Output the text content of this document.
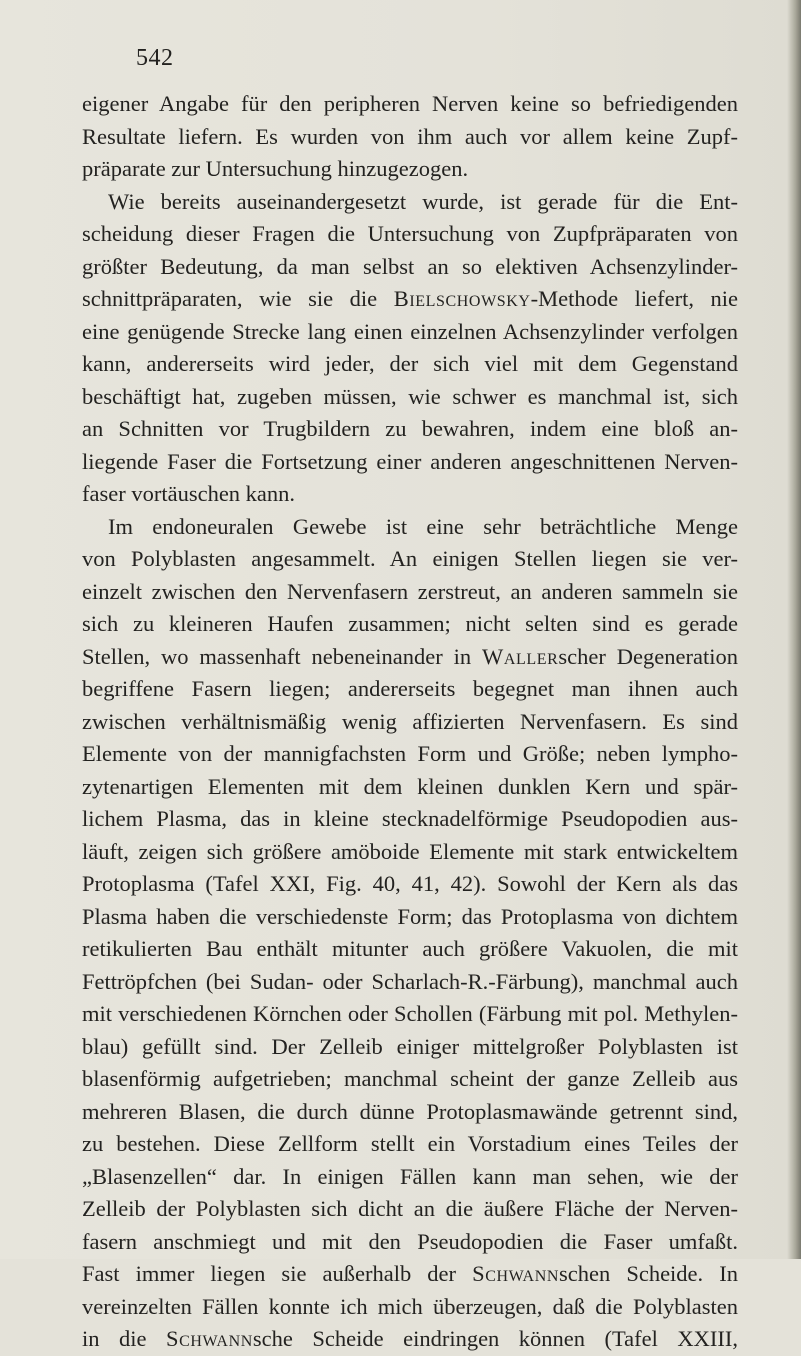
542
eigener Angabe für den peripheren Nerven keine so befriedigenden
Resultate liefern. Es wurden von ihm auch vor allem keine Zupf-
präparate zur Untersuchung hinzugezogen.
Wie bereits auseinandergesetzt wurde, ist gerade für die Ent-
scheidung dieser Fragen die Untersuchung von Zupfpräparaten von
größter Bedeutung, da man selbst an so elektiven Achsenzylinder-
schnittpräparaten, wie sie die Bielschowsky-Methode liefert, nie
eine genügende Strecke lang einen einzelnen Achsenzylinder verfolgen
kann, andererseits wird jeder, der sich viel mit dem Gegenstand
beschäftigt hat, zugeben müssen, wie schwer es manchmal ist, sich
an Schnitten vor Trugbildern zu bewahren, indem eine bloß an-
liegende Faser die Fortsetzung einer anderen angeschnittenen Nerven-
faser vortäuschen kann.
Im endoneuralen Gewebe ist eine sehr beträchtliche Menge
von Polyblasten angesammelt. An einigen Stellen liegen sie ver-
einzelt zwischen den Nervenfasern zerstreut, an anderen sammeln sie
sich zu kleineren Haufen zusammen; nicht selten sind es gerade
Stellen, wo massenhaft nebeneinander in Wallerscher Degeneration
begriffene Fasern liegen; andererseits begegnet man ihnen auch
zwischen verhältnismäßig wenig affizierten Nervenfasern. Es sind
Elemente von der mannigfachsten Form und Größe; neben lympho-
zytenartigen Elementen mit dem kleinen dunklen Kern und spär-
lichem Plasma, das in kleine stecknadelförmige Pseudopodien aus-
läuft, zeigen sich größere amöboide Elemente mit stark entwickeltem
Protoplasma (Tafel XXI, Fig. 40, 41, 42). Sowohl der Kern als das
Plasma haben die verschiedenste Form; das Protoplasma von dichtem
retikulierten Bau enthält mitunter auch größere Vakuolen, die mit
Fettröpfchen (bei Sudan- oder Scharlach-R.-Färbung), manchmal auch
mit verschiedenen Körnchen oder Schollen (Färbung mit pol. Methylen-
blau) gefüllt sind. Der Zelleib einiger mittelgroßer Polyblasten ist
blasenförmig aufgetrieben; manchmal scheint der ganze Zelleib aus
mehreren Blasen, die durch dünne Protoplasmawände getrennt sind,
zu bestehen. Diese Zellform stellt ein Vorstadium eines Teiles der
„Blasenzellen“ dar. In einigen Fällen kann man sehen, wie der
Zelleib der Polyblasten sich dicht an die äußere Fläche der Nerven-
fasern anschmiegt und mit den Pseudopodien die Faser umfaßt.
Fast immer liegen sie außerhalb der Schwannschen Scheide. In
vereinzelten Fällen konnte ich mich überzeugen, daß die Polyblasten
in die Schwannsche Scheide eindringen können (Tafel XXIII,
